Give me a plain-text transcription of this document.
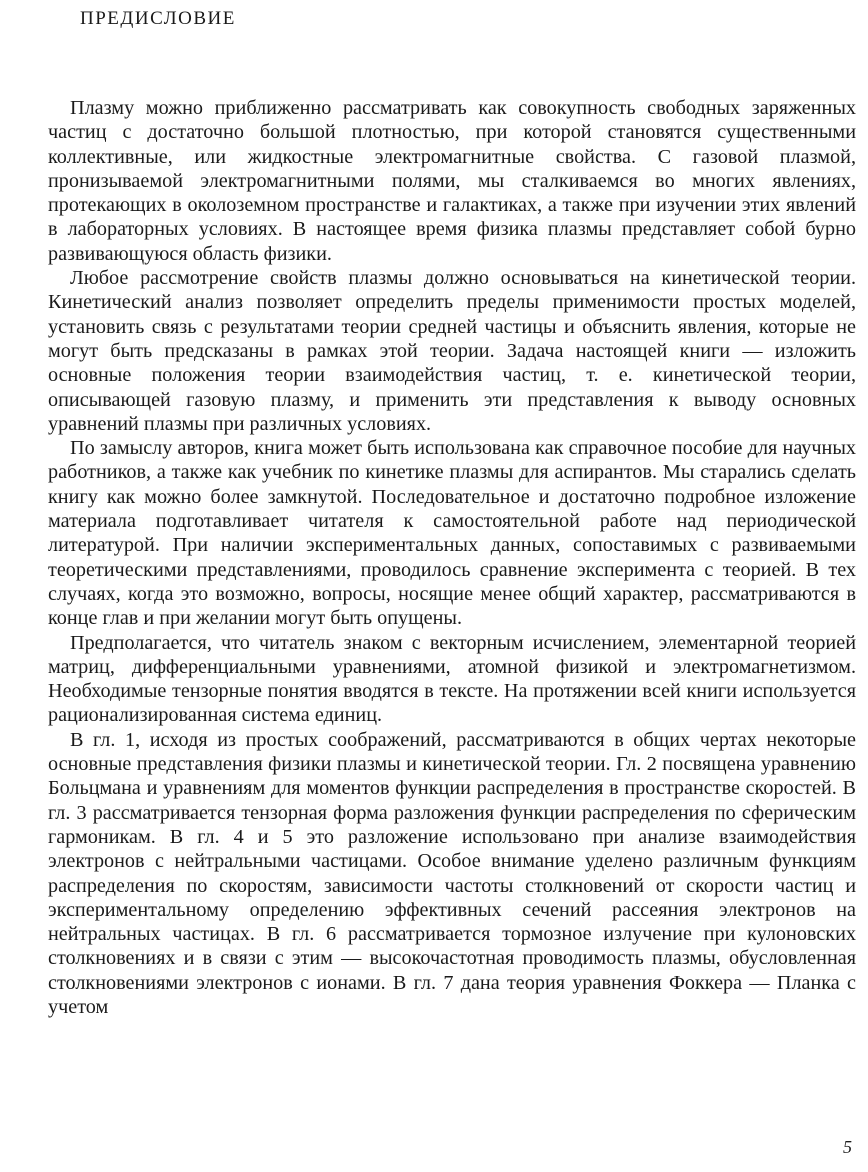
ПРЕДИСЛОВИЕ

Плазму можно приближенно рассматривать как совокупность свободных заряженных частиц с достаточно большой плотностью, при которой становятся существенными коллективные, или жидкостные электромагнитные свойства. С газовой плазмой, пронизываемой электромагнитными полями, мы сталкиваемся во многих явлениях, протекающих в околоземном пространстве и галактиках, а также при изучении этих явлений в лабораторных условиях. В настоящее время физика плазмы представляет собой бурно развивающуюся область физики.

Любое рассмотрение свойств плазмы должно основываться на кинетической теории. Кинетический анализ позволяет определить пределы применимости простых моделей, установить связь с результатами теории средней частицы и объяснить явления, которые не могут быть предсказаны в рамках этой теории. Задача настоящей книги — изложить основные положения теории взаимодействия частиц, т. е. кинетической теории, описывающей газовую плазму, и применить эти представления к выводу основных уравнений плазмы при различных условиях.

По замыслу авторов, книга может быть использована как справочное пособие для научных работников, а также как учебник по кинетике плазмы для аспирантов. Мы старались сделать книгу как можно более замкнутой. Последовательное и достаточно подробное изложение материала подготавливает читателя к самостоятельной работе над периодической литературой. При наличии экспериментальных данных, сопоставимых с развиваемыми теоретическими представлениями, проводилось сравнение эксперимента с теорией. В тех случаях, когда это возможно, вопросы, носящие менее общий характер, рассматриваются в конце глав и при желании могут быть опущены.

Предполагается, что читатель знаком с векторным исчислением, элементарной теорией матриц, дифференциальными уравнениями, атомной физикой и электромагнетизмом. Необходимые тензорные понятия вводятся в тексте. На протяжении всей книги используется рационализированная система единиц.

В гл. 1, исходя из простых соображений, рассматриваются в общих чертах некоторые основные представления физики плазмы и кинетической теории. Гл. 2 посвящена уравнению Больцмана и уравнениям для моментов функции распределения в пространстве скоростей. В гл. 3 рассматривается тензорная форма разложения функции распределения по сферическим гармоникам. В гл. 4 и 5 это разложение использовано при анализе взаимодействия электронов с нейтральными частицами. Особое внимание уделено различным функциям распределения по скоростям, зависимости частоты столкновений от скорости частиц и экспериментальному определению эффективных сечений рассеяния электронов на нейтральных частицах. В гл. 6 рассматривается тормозное излучение при кулоновских столкновениях и в связи с этим — высокочастотная проводимость плазмы, обусловленная столкновениями электронов с ионами. В гл. 7 дана теория уравнения Фоккера — Планка с учетом

5
